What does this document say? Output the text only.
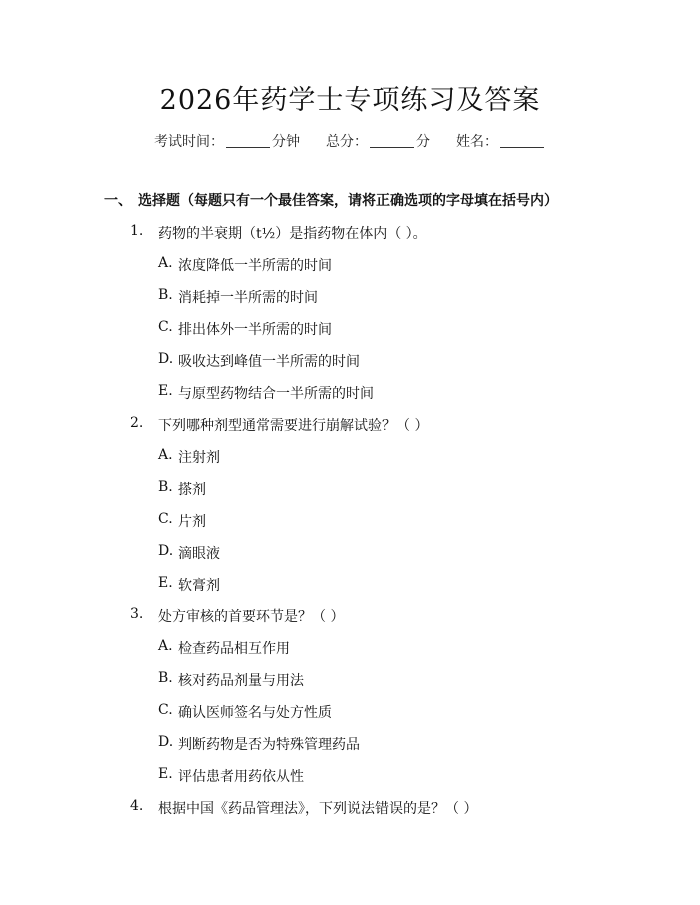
2026年药学士专项练习及答案
考试时间：	分钟 总分：	分 姓名：
一、 选择题（每题只有一个最佳答案，请将正确选项的字母填在括号内）
1.	药物的半衰期（t½）是指药物在体内（ ）。
A. 浓度降低一半所需的时间
B. 消耗掉一半所需的时间
C. 排出体外一半所需的时间
D. 吸收达到峰值一半所需的时间
E. 与原型药物结合一半所需的时间
2.	下列哪种剂型通常需要进行崩解试验？（ ）
A. 注射剂
B. 搽剂
C. 片剂
D. 滴眼液
E. 软膏剂
3.	处方审核的首要环节是？（ ）
A. 检查药品相互作用
B. 核对药品剂量与用法
C. 确认医师签名与处方性质
D. 判断药物是否为特殊管理药品
E. 评估患者用药依从性
4.	根据中国《药品管理法》，下列说法错误的是？（ ）
